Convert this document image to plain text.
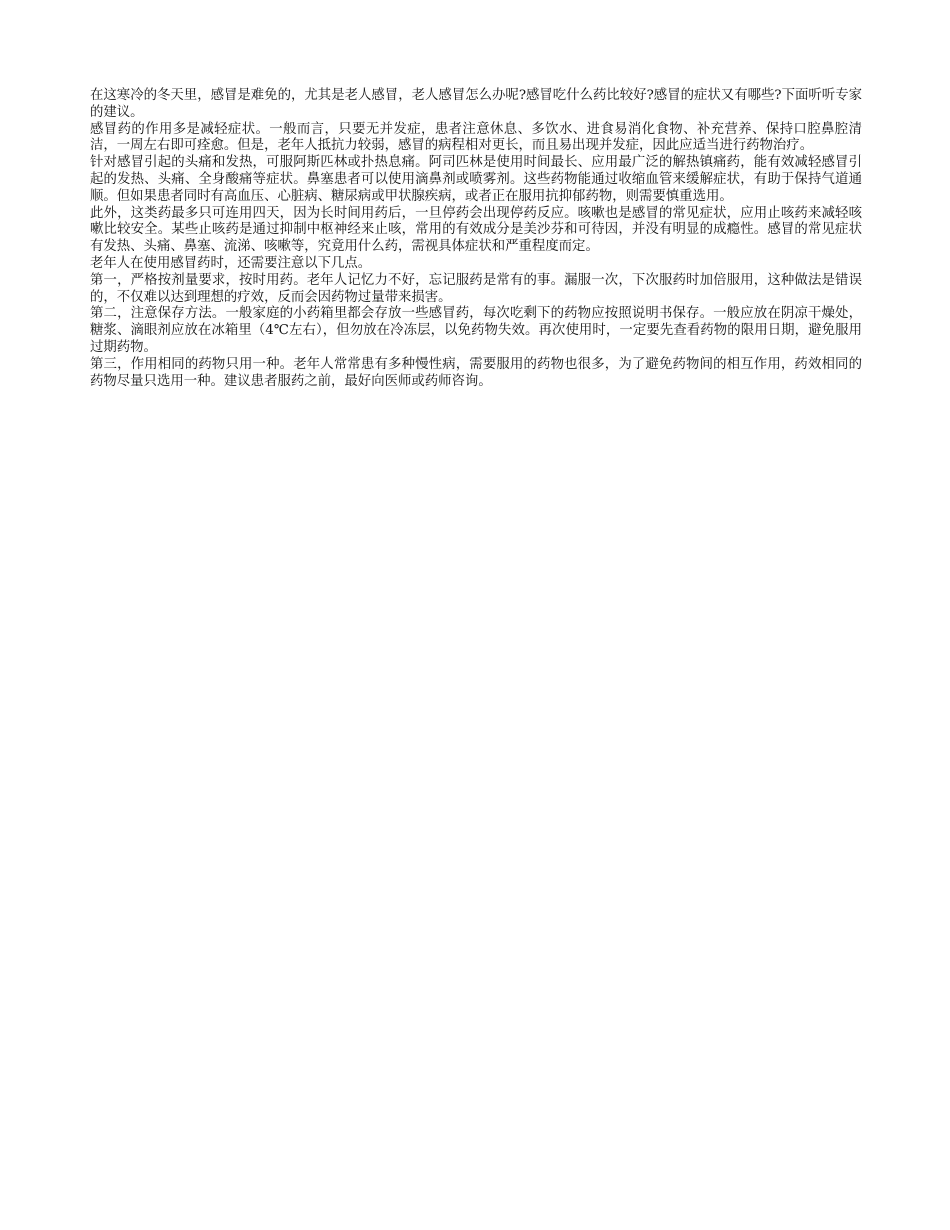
在这寒冷的冬天里，感冒是难免的，尤其是老人感冒，老人感冒怎么办呢?感冒吃什么药比较好?感冒的症状又有哪些?下面听听专家的建议。

感冒药的作用多是减轻症状。一般而言，只要无并发症，患者注意休息、多饮水、进食易消化食物、补充营养、保持口腔鼻腔清洁，一周左右即可痊愈。但是，老年人抵抗力较弱，感冒的病程相对更长，而且易出现并发症，因此应适当进行药物治疗。

针对感冒引起的头痛和发热，可服阿斯匹林或扑热息痛。阿司匹林是使用时间最长、应用最广泛的解热镇痛药，能有效减轻感冒引起的发热、头痛、全身酸痛等症状。鼻塞患者可以使用滴鼻剂或喷雾剂。这些药物能通过收缩血管来缓解症状，有助于保持气道通顺。但如果患者同时有高血压、心脏病、糖尿病或甲状腺疾病，或者正在服用抗抑郁药物，则需要慎重选用。

此外，这类药最多只可连用四天，因为长时间用药后，一旦停药会出现停药反应。咳嗽也是感冒的常见症状，应用止咳药来减轻咳嗽比较安全。某些止咳药是通过抑制中枢神经来止咳，常用的有效成分是美沙芬和可待因，并没有明显的成瘾性。感冒的常见症状有发热、头痛、鼻塞、流涕、咳嗽等，究竟用什么药，需视具体症状和严重程度而定。

老年人在使用感冒药时，还需要注意以下几点。

第一，严格按剂量要求，按时用药。老年人记忆力不好，忘记服药是常有的事。漏服一次，下次服药时加倍服用，这种做法是错误的，不仅难以达到理想的疗效，反而会因药物过量带来损害。

第二，注意保存方法。一般家庭的小药箱里都会存放一些感冒药，每次吃剩下的药物应按照说明书保存。一般应放在阴凉干燥处，糖浆、滴眼剂应放在冰箱里（4℃左右），但勿放在冷冻层，以免药物失效。再次使用时，一定要先查看药物的限用日期，避免服用过期药物。

第三，作用相同的药物只用一种。老年人常常患有多种慢性病，需要服用的药物也很多，为了避免药物间的相互作用，药效相同的药物尽量只选用一种。建议患者服药之前，最好向医师或药师咨询。
